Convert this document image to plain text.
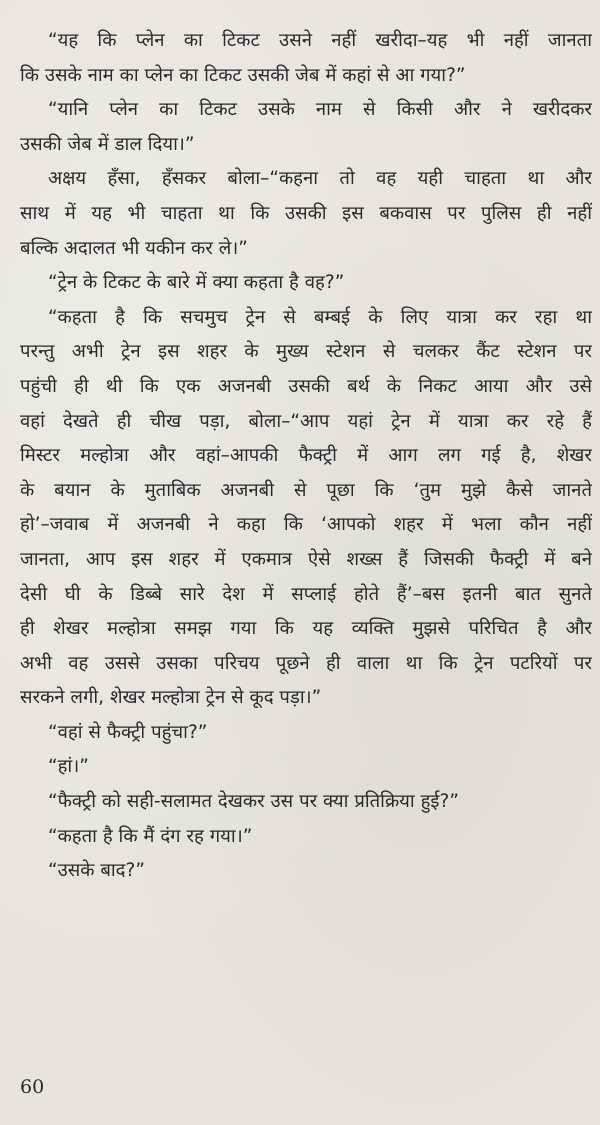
“यह कि प्लेन का टिकट उसने नहीं खरीदा–यह भी नहीं जानता
कि उसके नाम का प्लेन का टिकट उसकी जेब में कहां से आ गया?”
“यानि प्लेन का टिकट उसके नाम से किसी और ने खरीदकर
उसकी जेब में डाल दिया।”
अक्षय हँसा, हँसकर बोला–“कहना तो वह यही चाहता था और
साथ में यह भी चाहता था कि उसकी इस बकवास पर पुलिस ही नहीं
बल्कि अदालत भी यकीन कर ले।”
“ट्रेन के टिकट के बारे में क्या कहता है वह?”
“कहता है कि सचमुच ट्रेन से बम्बई के लिए यात्रा कर रहा था
परन्तु अभी ट्रेन इस शहर के मुख्य स्टेशन से चलकर कैंट स्टेशन पर
पहुंची ही थी कि एक अजनबी उसकी बर्थ के निकट आया और उसे
वहां देखते ही चीख पड़ा, बोला–“आप यहां ट्रेन में यात्रा कर रहे हैं
मिस्टर मल्होत्रा और वहां–आपकी फैक्ट्री में आग लग गई है, शेखर
के बयान के मुताबिक अजनबी से पूछा कि ‘तुम मुझे कैसे जानते
हो’–जवाब में अजनबी ने कहा कि ‘आपको शहर में भला कौन नहीं
जानता, आप इस शहर में एकमात्र ऐसे शख्स हैं जिसकी फैक्ट्री में बने
देसी घी के डिब्बे सारे देश में सप्लाई होते हैं’–बस इतनी बात सुनते
ही शेखर मल्होत्रा समझ गया कि यह व्यक्ति मुझसे परिचित है और
अभी वह उससे उसका परिचय पूछने ही वाला था कि ट्रेन पटरियों पर
सरकने लगी, शेखर मल्होत्रा ट्रेन से कूद पड़ा।”
“वहां से फैक्ट्री पहुंचा?”
“हां।”
“फैक्ट्री को सही-सलामत देखकर उस पर क्या प्रतिक्रिया हुई?”
“कहता है कि मैं दंग रह गया।”
“उसके बाद?”
60
